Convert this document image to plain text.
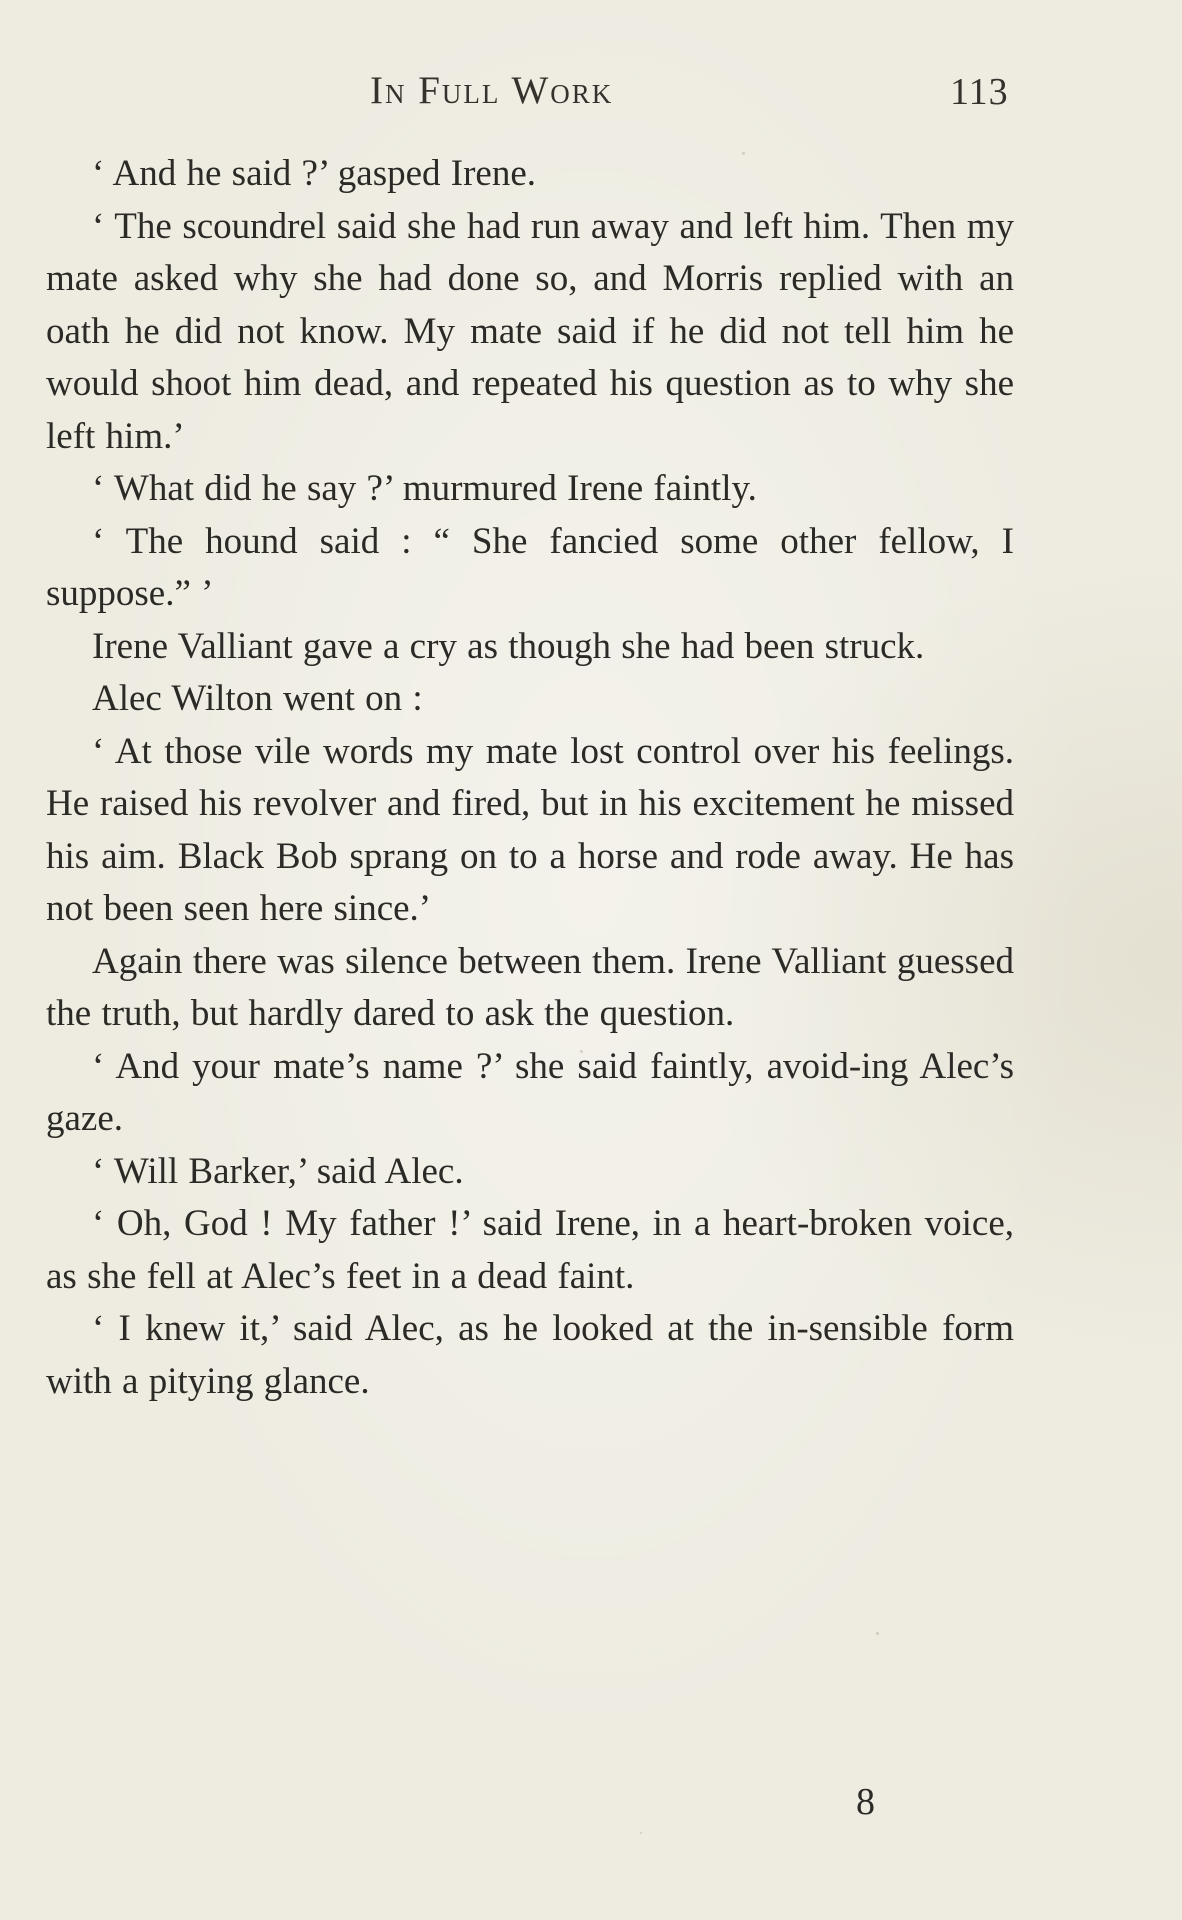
In Full Work	113

‘ And he said ?’ gasped Irene.

‘ The scoundrel said she had run away and left him. Then my mate asked why she had done so, and Morris replied with an oath he did not know. My mate said if he did not tell him he would shoot him dead, and repeated his question as to why she left him.’

‘ What did he say ?’ murmured Irene faintly.

‘ The hound said : “ She fancied some other fellow, I suppose.” ’

Irene Valliant gave a cry as though she had been struck.

Alec Wilton went on :

‘ At those vile words my mate lost control over his feelings. He raised his revolver and fired, but in his excitement he missed his aim. Black Bob sprang on to a horse and rode away. He has not been seen here since.’

Again there was silence between them. Irene Valliant guessed the truth, but hardly dared to ask the question.

‘ And your mate’s name ?’ she said faintly, avoid-ing Alec’s gaze.

‘ Will Barker,’ said Alec.

‘ Oh, God ! My father !’ said Irene, in a heart-broken voice, as she fell at Alec’s feet in a dead faint.

‘ I knew it,’ said Alec, as he looked at the in-sensible form with a pitying glance.

8
